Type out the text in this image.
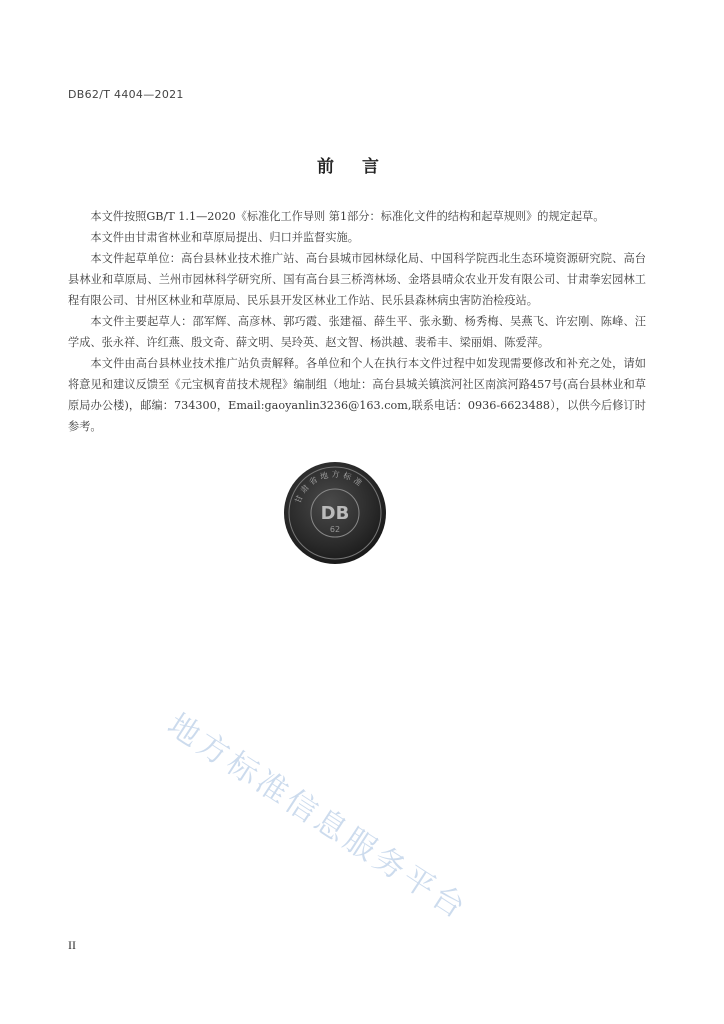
DB62/T 4404—2021
前言

本文件按照GB/T 1.1—2020《标准化工作导则 第1部分：标准化文件的结构和起草规则》的规定起草。

本文件由甘肃省林业和草原局提出、归口并监督实施。

本文件起草单位：高台县林业技术推广站、高台县城市园林绿化局、中国科学院西北生态环境资源研究院、高台县林业和草原局、兰州市园林科学研究所、国有高台县三桥湾林场、金塔县晴众农业开发有限公司、甘肃拳宏园林工程有限公司、甘州区林业和草原局、民乐县开发区林业工作站、民乐县森林病虫害防治检疫站。

本文件主要起草人：邵军辉、高彦林、郭巧霞、张建福、薛生平、张永勤、杨秀梅、吴燕飞、许宏刚、陈峰、汪学成、张永祥、许红燕、殷文奇、薛文明、吴玲英、赵文智、杨洪越、裴希丰、梁丽娟、陈爱萍。

本文件由高台县林业技术推广站负责解释。各单位和个人在执行本文件过程中如发现需要修改和补充之处，请如将意见和建议反馈至《元宝枫育苗技术规程》编制组（地址：高台县城关镇滨河社区南滨河路457号(高台县林业和草原局办公楼)，邮编：734300，Email:gaoyanlin3236@163.com,联系电话：0936-6623488），以供今后修订时参考。

甘肃省地方标准
DB
62
地方标准信息服务平台
II
